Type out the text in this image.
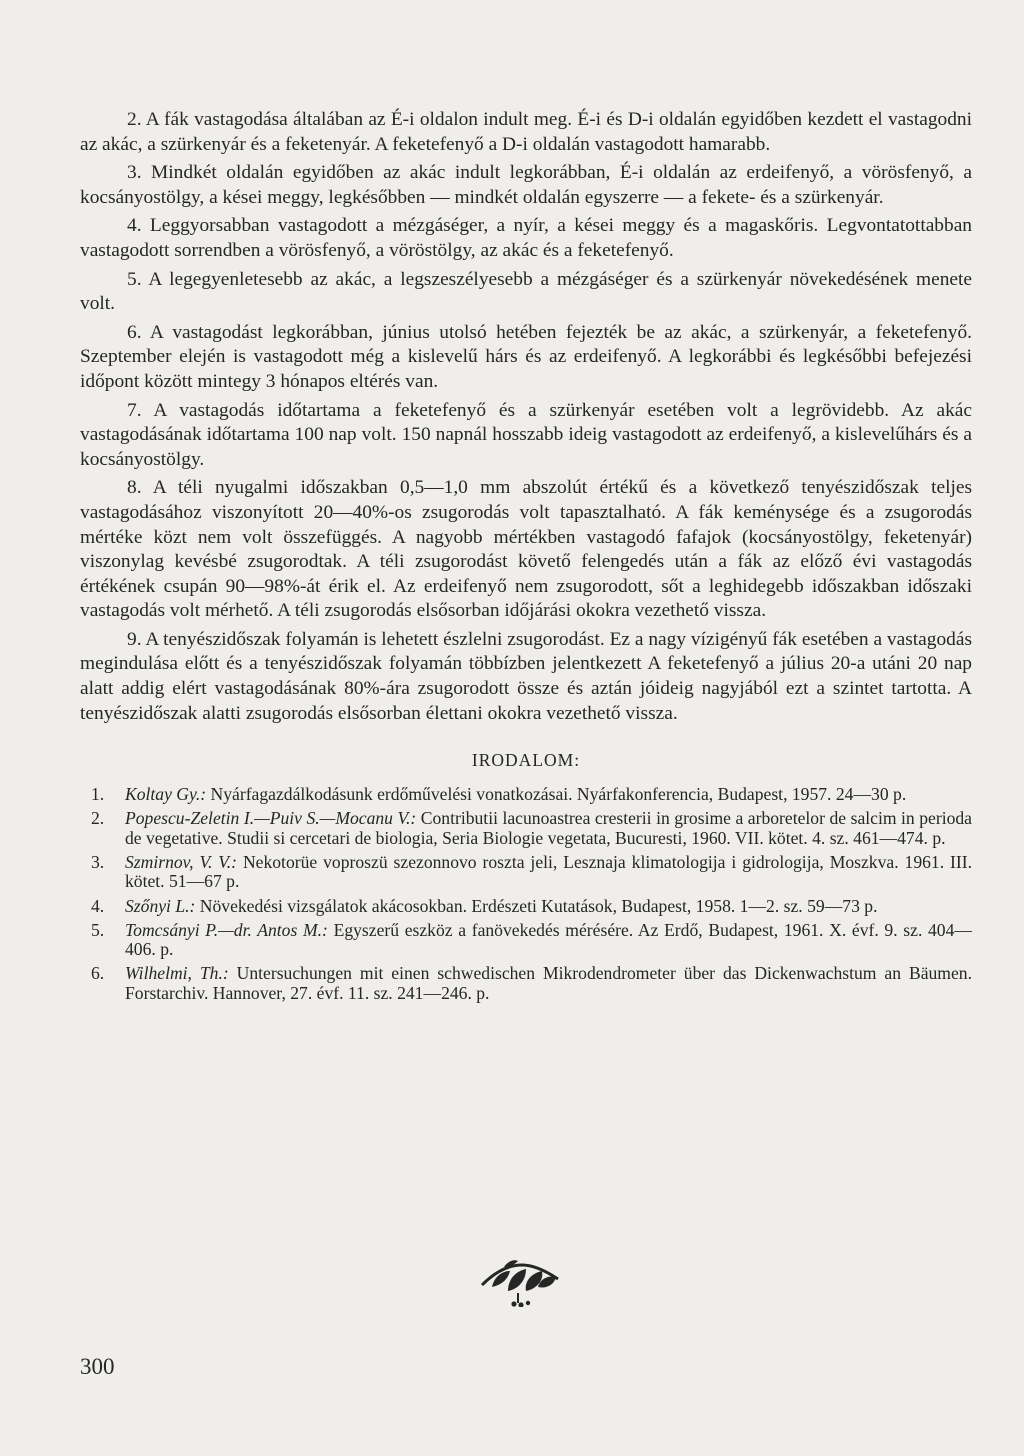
2. A fák vastagodása általában az É-i oldalon indult meg. É-i és D-i oldalán egyidőben kezdett el vastagodni az akác, a szürkenyár és a feketenyár. A feketefenyő a D-i oldalán vastagodott hamarabb.

3. Mindkét oldalán egyidőben az akác indult legkorábban, É-i oldalán az erdeifenyő, a vörösfenyő, a kocsányostölgy, a kései meggy, legkésőbben — mindkét oldalán egyszerre — a fekete- és a szürkenyár.

4. Leggyorsabban vastagodott a mézgáséger, a nyír, a kései meggy és a magaskőris. Legvontatottabban vastagodott sorrendben a vörösfenyő, a vöröstölgy, az akác és a feketefenyő.

5. A legegyenletesebb az akác, a legszeszélyesebb a mézgáséger és a szürkenyár növekedésének menete volt.

6. A vastagodást legkorábban, június utolsó hetében fejezték be az akác, a szürkenyár, a feketefenyő. Szeptember elején is vastagodott még a kislevelű hárs és az erdeifenyő. A legkorábbi és legkésőbbi befejezési időpont között mintegy 3 hónapos eltérés van.

7. A vastagodás időtartama a feketefenyő és a szürkenyár esetében volt a legrövidebb. Az akác vastagodásának időtartama 100 nap volt. 150 napnál hosszabb ideig vastagodott az erdeifenyő, a kislevelűhárs és a kocsányostölgy.

8. A téli nyugalmi időszakban 0,5—1,0 mm abszolút értékű és a következő tenyészidőszak teljes vastagodásához viszonyított 20—40%-os zsugorodás volt tapasztalható. A fák keménysége és a zsugorodás mértéke közt nem volt összefüggés. A nagyobb mértékben vastagodó fafajok (kocsányostölgy, feketenyár) viszonylag kevésbé zsugorodtak. A téli zsugorodást követő felengedés után a fák az előző évi vastagodás értékének csupán 90—98%-át érik el. Az erdeifenyő nem zsugorodott, sőt a leghidegebb időszakban időszaki vastagodás volt mérhető. A téli zsugorodás elsősorban időjárási okokra vezethető vissza.

9. A tenyészidőszak folyamán is lehetett észlelni zsugorodást. Ez a nagy vízigényű fák esetében a vastagodás megindulása előtt és a tenyészidőszak folyamán többízben jelentkezett A feketefenyő a július 20-a utáni 20 nap alatt addig elért vastagodásának 80%-ára zsugorodott össze és aztán jóideig nagyjából ezt a szintet tartotta. A tenyészidőszak alatti zsugorodás elsősorban élettani okokra vezethető vissza.

IRODALOM:
1.	Koltay Gy.: Nyárfagazdálkodásunk erdőművelési vonatkozásai. Nyárfakonferencia, Budapest, 1957. 24—30 p.
2.	Popescu-Zeletin I.—Puiv S.—Mocanu V.: Contributii lacunoastrea cresterii in grosime a arboretelor de salcim in perioda de vegetative. Studii si cercetari de biologia, Seria Biologie vegetata, Bucuresti, 1960. VII. kötet. 4. sz. 461—474. p.
3.	Szmirnov, V. V.: Nekotorüe voproszü szezonnovo roszta jeli, Lesznaja klimatologija i gidrologija, Moszkva. 1961. III. kötet. 51—67 p.
4.	Szőnyi L.: Növekedési vizsgálatok akácosokban. Erdészeti Kutatások, Budapest, 1958. 1—2. sz. 59—73 p.
5.	Tomcsányi P.—dr. Antos M.: Egyszerű eszköz a fanövekedés mérésére. Az Erdő, Budapest, 1961. X. évf. 9. sz. 404—406. p.
6.	Wilhelmi, Th.: Untersuchungen mit einen schwedischen Mikrodendrometer über das Dickenwachstum an Bäumen. Forstarchiv. Hannover, 27. évf. 11. sz. 241—246. p.
300
